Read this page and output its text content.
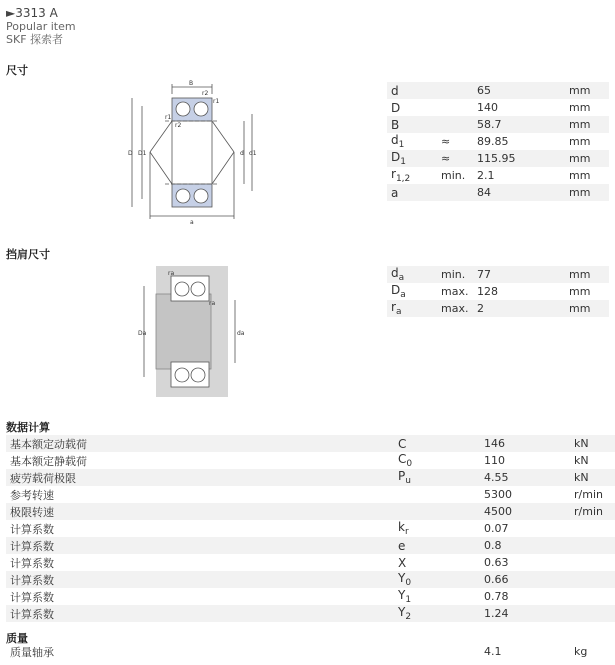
►3313 A
Popular item
SKF 探索者
尺寸
B
r2
r1
r1
r2
D D1	d d1
a
d		65	mm
D		140	mm
B		58.7	mm
$d_1$	≈	89.85	mm
$D_1$	≈	115.95	mm
$r_{1,2}$	min.	2.1	mm
a		84	mm
挡肩尺寸
ra
ra
Da	da
$d_a$	min.	77	mm
$D_a$	max.	128	mm
$r_a$	max.	2	mm
数据计算			
基本额定动载荷	C	146	kN
基本额定静载荷	$C_0$	110	kN
疲劳载荷极限	$P_u$	4.55	kN
参考转速		5300	r/min
极限转速		4500	r/min
计算系数	$k_r$	0.07	
计算系数	e	0.8	
计算系数	X	0.63	
计算系数	$Y_0$	0.66	
计算系数	$Y_1$	0.78	
计算系数	$Y_2$	1.24	
质量
质量轴承		4.1	kg
